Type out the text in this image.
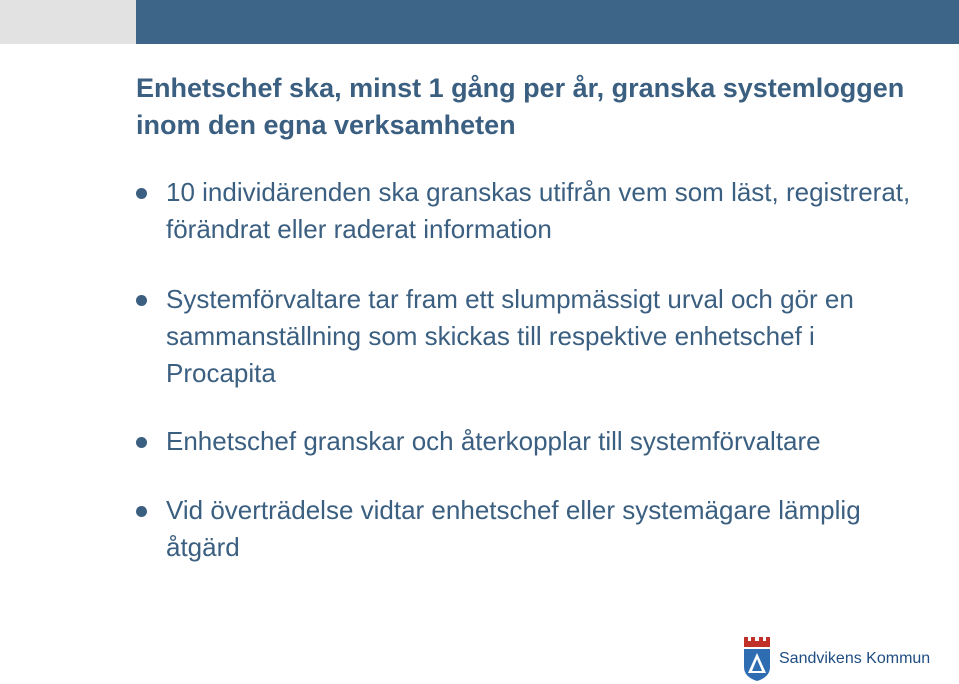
Enhetschef ska, minst 1 gång per år, granska systemloggen inom den egna verksamheten
10 individärenden ska granskas utifrån vem som läst, registrerat, förändrat eller raderat information
Systemförvaltare tar fram ett slumpmässigt urval och gör en sammanställning som skickas till respektive enhetschef i Procapita
Enhetschef granskar och återkopplar till systemförvaltare
Vid överträdelse vidtar enhetschef eller systemägare lämplig åtgärd
Sandvikens Kommun
